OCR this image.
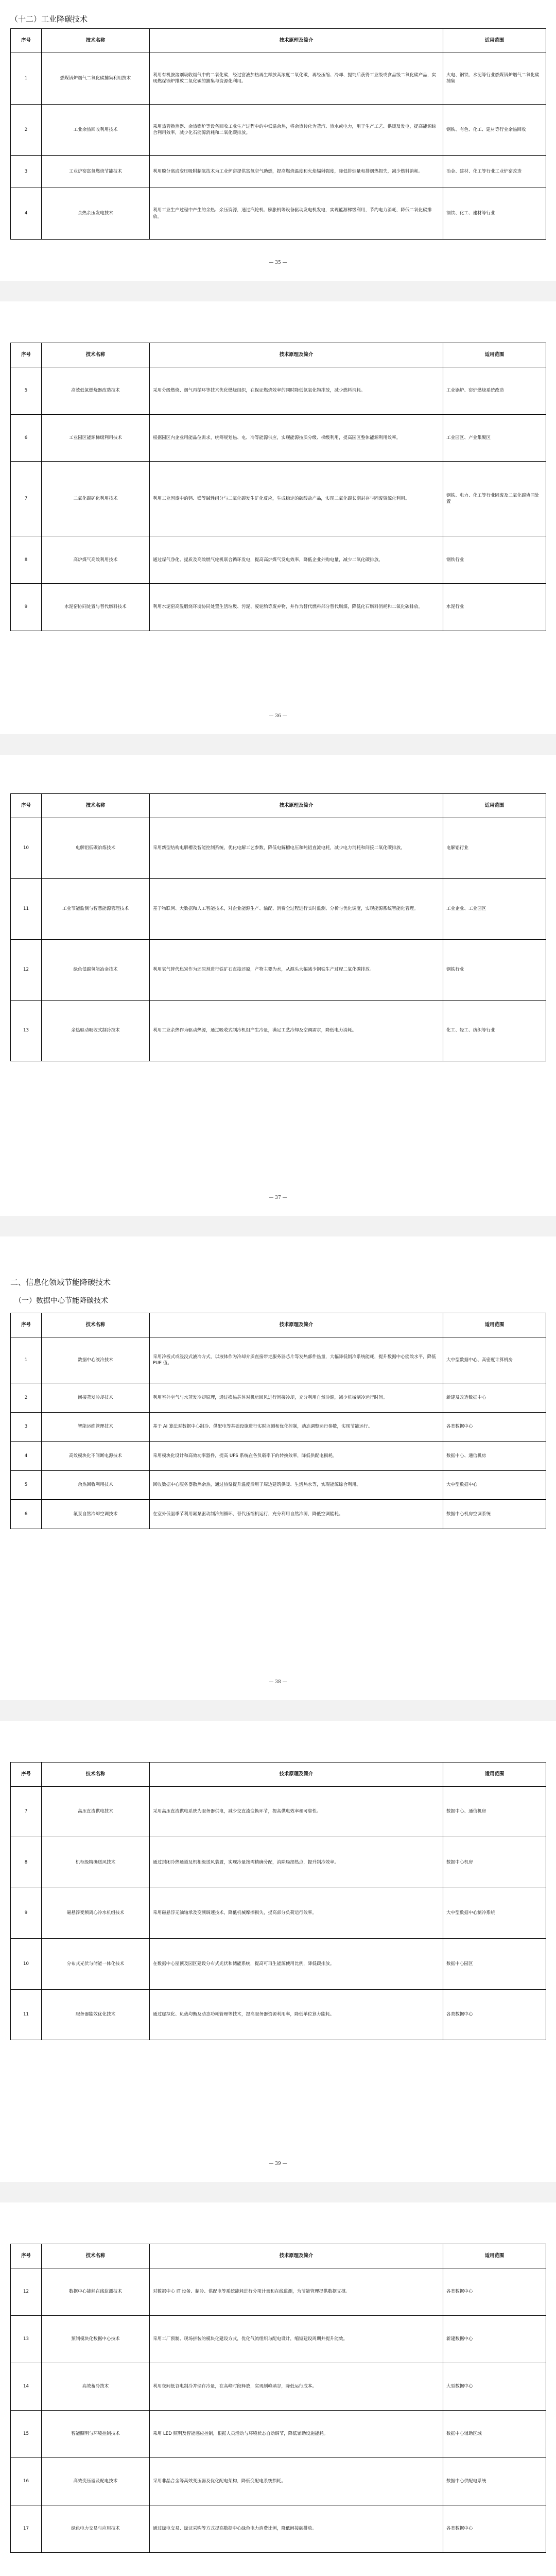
— 35 —
— 36 —
— 37 —
— 38 —
— 39 —
（十二）工业降碳技术
二、信息化领域节能降碳技术
（一）数据中心节能降碳技术
序号	技术名称	技术原理及简介	适用范围
1	燃煤锅炉烟气二氧化碳捕集利用技术	利用有机胺溶剂吸收烟气中的二氧化碳，经过富液加热再生释放高浓度二氧化碳，再经压缩、冷却、提纯后获得工业级或食品级二氧化碳产品，实现燃煤锅炉排放二氧化碳的捕集与资源化利用。	火电、钢铁、水泥等行业燃煤锅炉烟气二氧化碳捕集
2	工业余热回收利用技术	采用热管换热器、余热锅炉等设备回收工业生产过程中的中低温余热，将余热转化为蒸汽、热水或电力，用于生产工艺、供暖及发电，提高能源综合利用效率，减少化石能源消耗和二氧化碳排放。	钢铁、有色、化工、建材等行业余热回收
3	工业炉窑富氧燃烧节能技术	利用膜分离或变压吸附制氧技术为工业炉窑提供富氧空气助燃，提高燃烧温度和火焰辐射强度，降低排烟量和排烟热损失，减少燃料消耗。	冶金、建材、化工等行业工业炉窑改造
4	余热余压发电技术	利用工业生产过程中产生的余热、余压资源，通过汽轮机、膨胀机等设备驱动发电机发电，实现能源梯级利用，节约电力消耗，降低二氧化碳排放。	钢铁、化工、建材等行业
序号	技术名称	技术原理及简介	适用范围
5	高效低氮燃烧器改造技术	采用分级燃烧、烟气再循环等技术优化燃烧组织，在保证燃烧效率的同时降低氮氧化物排放，减少燃料消耗。	工业锅炉、窑炉燃烧系统改造
6	工业园区能源梯级利用技术	根据园区内企业用能品位需求，统筹规划热、电、冷等能源供应，实现能源按质分级、梯级利用，提高园区整体能源利用效率。	工业园区、产业集聚区
7	二氧化碳矿化利用技术	利用工业固废中的钙、镁等碱性组分与二氧化碳发生矿化反应，生成稳定的碳酸盐产品，实现二氧化碳长期封存与固废资源化利用。	钢铁、电力、化工等行业固废及二氧化碳协同处置
8	高炉煤气高效利用技术	通过煤气净化、提质及高效燃气轮机联合循环发电，提高高炉煤气发电效率，降低企业外购电量，减少二氧化碳排放。	钢铁行业
9	水泥窑协同处置与替代燃料技术	利用水泥窑高温煅烧环境协同处置生活垃圾、污泥、废轮胎等废弃物，并作为替代燃料部分替代燃煤，降低化石燃料消耗和二氧化碳排放。	水泥行业
序号	技术名称	技术原理及简介	适用范围
10	电解铝低碳冶炼技术	采用新型结构电解槽及智能控制系统，优化电解工艺参数，降低电解槽电压和吨铝直流电耗，减少电力消耗和间接二氧化碳排放。	电解铝行业
11	工业节能监测与智慧能源管理技术	基于物联网、大数据和人工智能技术，对企业能源生产、输配、消费全过程进行实时监测、分析与优化调度，实现能源系统智能化管理。	工业企业、工业园区
12	绿色低碳氢能冶金技术	利用氢气替代焦炭作为还原剂进行铁矿石直接还原，产物主要为水，从源头大幅减少钢铁生产过程二氧化碳排放。	钢铁行业
13	余热驱动吸收式制冷技术	利用工业余热作为驱动热源，通过吸收式制冷机组产生冷量，满足工艺冷却及空调需求，降低电力消耗。	化工、轻工、纺织等行业
序号	技术名称	技术原理及简介	适用范围
1	数据中心液冷技术	采用冷板式或浸没式液冷方式，以液体作为冷却介质直接带走服务器芯片等发热部件热量，大幅降低制冷系统能耗，提升数据中心能效水平，降低 PUE 值。	大中型数据中心、高密度计算机房
2	间接蒸发冷却技术	利用室外空气与水蒸发冷却原理，通过换热芯体对机房回风进行间接冷却，充分利用自然冷源，减少机械制冷运行时间。	新建及改造数据中心
3	智能运维管理技术	基于 AI 算法对数据中心制冷、供配电等基础设施进行实时监测和优化控制，动态调整运行参数，实现节能运行。	各类数据中心
4	高效模块化不间断电源技术	采用模块化设计和高效功率器件，提高 UPS 系统在各负载率下的转换效率，降低供配电损耗。	数据中心、通信机房
5	余热回收利用技术	回收数据中心服务器散热余热，通过热泵提升温度后用于周边建筑供暖、生活热水等，实现能源综合利用。	大中型数据中心
6	氟泵自然冷却空调技术	在室外低温季节利用氟泵驱动制冷剂循环，替代压缩机运行，充分利用自然冷源，降低空调能耗。	数据中心机房空调系统
序号	技术名称	技术原理及简介	适用范围
7	高压直流供电技术	采用高压直流供电系统为服务器供电，减少交直流变换环节，提高供电效率和可靠性。	数据中心、通信机房
8	机柜级精确送风技术	通过封闭冷热通道及机柜级送风装置，实现冷量按需精确分配，消除局部热点，提升制冷效率。	数据中心机房
9	磁悬浮变频离心冷水机组技术	采用磁悬浮无油轴承及变频调速技术，降低机械摩擦损失，提高部分负荷运行效率。	大中型数据中心制冷系统
10	分布式光伏与储能一体化技术	在数据中心屋顶及园区建设分布式光伏和储能系统，提高可再生能源使用比例，降低碳排放。	数据中心园区
11	服务器能效优化技术	通过虚拟化、负载均衡及动态功耗管理等技术，提高服务器资源利用率，降低单位算力能耗。	各类数据中心
序号	技术名称	技术原理及简介	适用范围
12	数据中心能耗在线监测技术	对数据中心 IT 设备、制冷、供配电等系统能耗进行分项计量和在线监测，为节能管理提供数据支撑。	各类数据中心
13	预制模块化数据中心技术	采用工厂预制、现场拼装的模块化建设方式，优化气流组织与配电设计，缩短建设周期并提升能效。	新建数据中心
14	高效蓄冷技术	利用夜间低谷电制冷并储存冷量，在高峰时段释放，实现削峰填谷，降低运行成本。	大型数据中心
15	智能照明与环境控制技术	采用 LED 照明及智能感应控制，根据人员活动与环境状态自动调节，降低辅助设施能耗。	数据中心辅助区域
16	高效变压器及配电技术	采用非晶合金等高效变压器及优化配电架构，降低变配电系统损耗。	数据中心供配电系统
17	绿色电力交易与应用技术	通过绿电交易、绿证采购等方式提高数据中心绿色电力消费比例，降低间接碳排放。	各类数据中心
